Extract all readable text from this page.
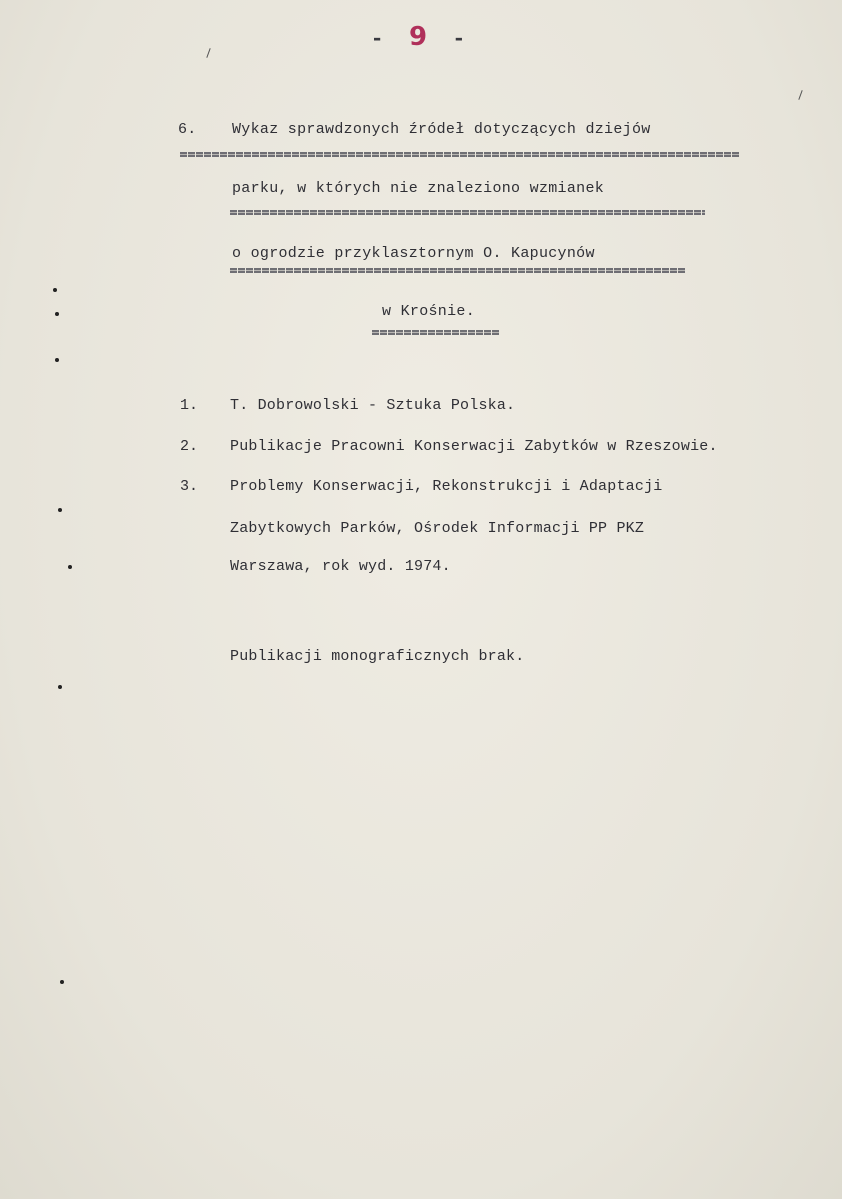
- 9 -
6. Wykaz sprawdzonych źródeł dotyczących dziejów
parku, w których nie znaleziono wzmianek
o ogrodzie przyklasztornym O. Kapucynów
w Krośnie.
1. T. Dobrowolski - Sztuka Polska.
2. Publikacje Pracowni Konserwacji Zabytków w Rzeszowie.
3. Problemy Konserwacji, Rekonstrukcji i Adaptacji
Zabytkowych Parków, Ośrodek Informacji PP PKZ
Warszawa, rok wyd. 1974.
Publikacji monograficznych brak.
